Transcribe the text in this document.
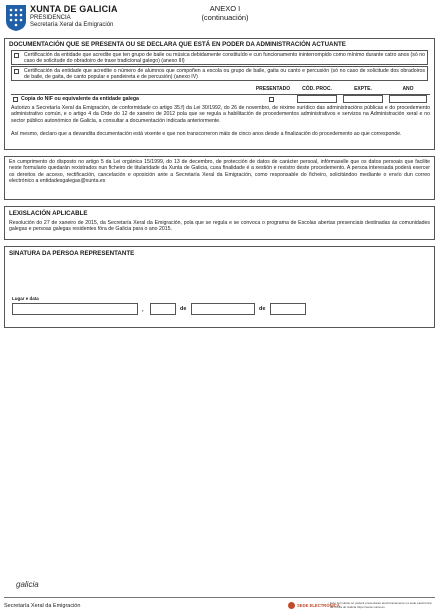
XUNTA DE GALICIA
PRESIDENCIA
Secretaría Xeral da Emigración
ANEXO I
(continuación)
DOCUMENTACIÓN QUE SE PRESENTA OU SE DECLARA QUE ESTÁ EN PODER DA ADMINISTRACIÓN ACTUANTE
Certificación da entidade que acredite que ten grupo de baile ou música debidamente constituído e cun funcionamento ininterrompido como mínimo durante catro anos (só no caso de solicitude do obradoiro de traxe tradicional galego) (anexo III)
Certificación da entidade que acredite o número de alumnos que compoñen a escola ou grupo de baile, gaita ou canto e percusión (só no caso de solicitude dos obradoiros de baile, de gaita, de canto popular e pandeireta e de percusión) (anexo IV)
PRESENTADO	CÓD. PROC.	EXPTE.	ANO
Copia do NIF ou equivalente da entidade galega
Autorizo a Secretaría Xeral da Emigración, de conformidade co artigo 35.f) da Lei 30/1992, do 26 de novembro, de réxime xurídico das administracións públicas e do procedemento administrativo común, e o artigo 4 da Orde do 12 de xaneiro de 2012 pola que se regula a habilitación de procedementos administrativos e servizos na Administración xeral e no sector público autonómico de Galicia, a consultar a documentación indicada anteriormente.
Así mesmo, declaro que a devandita documentación está vixente e que non transcorreron máis de cinco anos desde a finalización do procedemento ao que corresponde.
En cumprimento do disposto no artigo 5 da Lei orgánica 15/1999, do 13 de decembro, de protección de datos de carácter persoal, infórmaselle que os datos persoais que facilite neste formulario quedarán rexistrados nun ficheiro de titularidade da Xunta de Galicia, cuxa finalidade é a xestión e rexistro deste procedemento. A persoa interesada poderá exercer os dereitos de acceso, rectificación, cancelación e oposición ante a Secretaría Xeral da Emigración, como responsable do ficheiro, solicitándoo mediante o envío dun correo electrónico a entidadesgalegas@xunta.es
LEXISLACIÓN APLICABLE
Resolución do 27 de xaneiro de 2015, da Secretaría Xeral da Emigración, pola que se regula e se convoca o programa de Escolas abertas presenciais destinadas ás comunidades galegas e persoas galegas residentes fóra de Galicia para o ano 2015.
SINATURA DA PERSOA REPRESENTANTE
Lugar e data
,	de	de
galicia
Secretaría Xeral da Emigración	SEDE ELECTRÓNICA
Este formulario só poderá presentarse electrónicamente na sede electrónica da Xunta de Galicia https://sede.xunta.es
